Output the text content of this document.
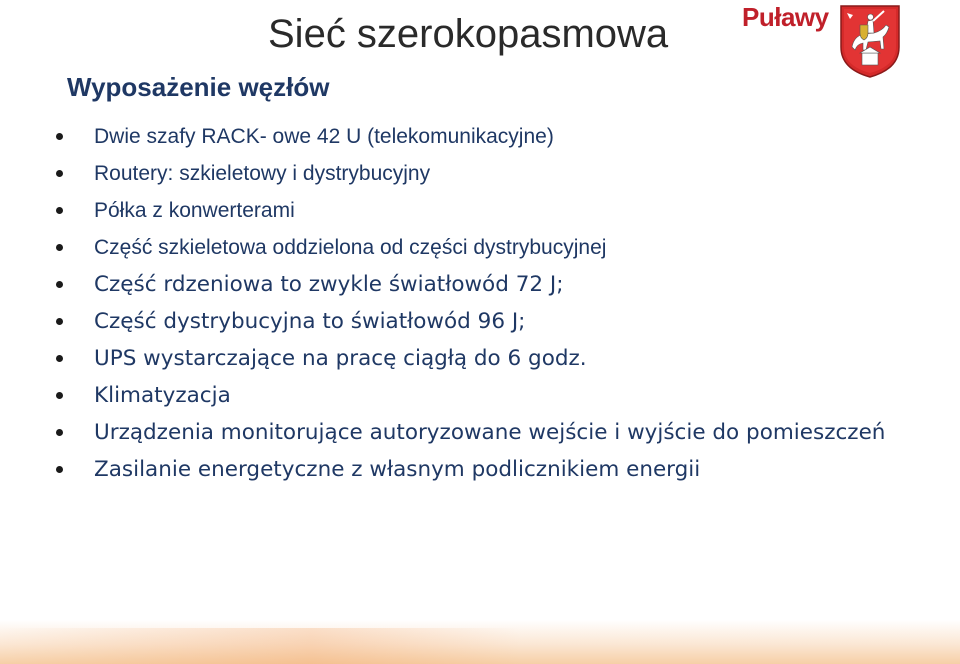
Sieć szerokopasmowa	Puławy
Wyposażenie węzłów
Dwie szafy RACK- owe 42 U (telekomunikacyjne)
Routery: szkieletowy i dystrybucyjny
Półka z konwerterami
Część szkieletowa oddzielona od części dystrybucyjnej
Część rdzeniowa to zwykle światłowód 72 J;
Część dystrybucyjna to światłowód 96 J;
UPS wystarczające na pracę ciągłą do 6 godz.
Klimatyzacja
Urządzenia monitorujące autoryzowane wejście i wyjście do pomieszczeń
Zasilanie energetyczne z własnym podlicznikiem energii
